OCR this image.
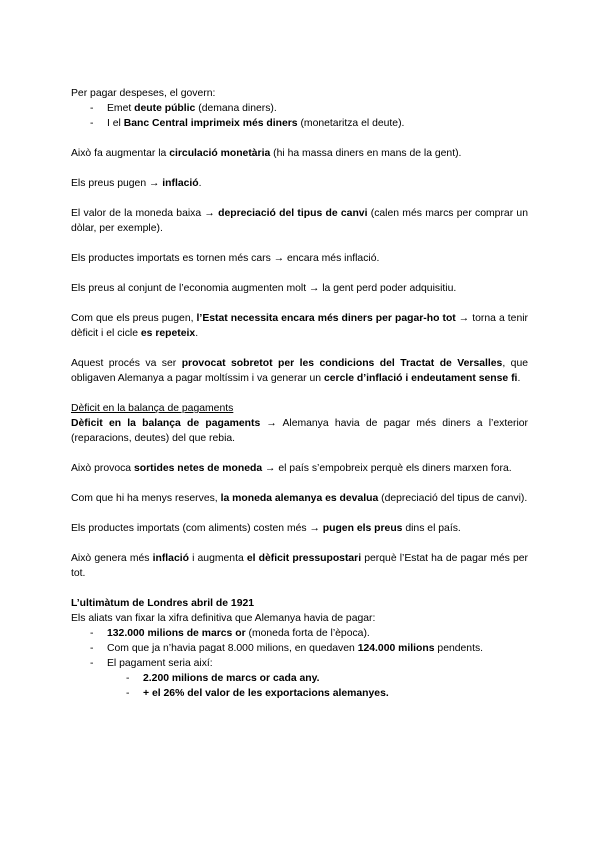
Per pagar despeses, el govern:

- Emet deute públic (demana diners).
- I el Banc Central imprimeix més diners (monetaritza el deute).

Això fa augmentar la circulació monetària (hi ha massa diners en mans de la gent).

Els preus pugen → inflació.

El valor de la moneda baixa → depreciació del tipus de canvi (calen més marcs per comprar un dòlar, per exemple).

Els productes importats es tornen més cars → encara més inflació.

Els preus al conjunt de l’economia augmenten molt → la gent perd poder adquisitiu.

Com que els preus pugen, l’Estat necessita encara més diners per pagar-ho tot → torna a tenir dèficit i el cicle es repeteix.

Aquest procés va ser provocat sobretot per les condicions del Tractat de Versalles, que obligaven Alemanya a pagar moltíssim i va generar un cercle d’inflació i endeutament sense fi.

Dèficit en la balança de pagaments

Dèficit en la balança de pagaments → Alemanya havia de pagar més diners a l’exterior (reparacions, deutes) del que rebia.

Això provoca sortides netes de moneda → el país s’empobreix perquè els diners marxen fora.

Com que hi ha menys reserves, la moneda alemanya es devalua (depreciació del tipus de canvi).

Els productes importats (com aliments) costen més → pugen els preus dins el país.

Això genera més inflació i augmenta el dèficit pressupostari perquè l’Estat ha de pagar més per tot.

L’ultimàtum de Londres abril de 1921

Els aliats van fixar la xifra definitiva que Alemanya havia de pagar:

- 132.000 milions de marcs or (moneda forta de l’època).
- Com que ja n’havia pagat 8.000 milions, en quedaven 124.000 milions pendents.
- El pagament seria així:
- 2.200 milions de marcs or cada any.
- + el 26% del valor de les exportacions alemanyes.
